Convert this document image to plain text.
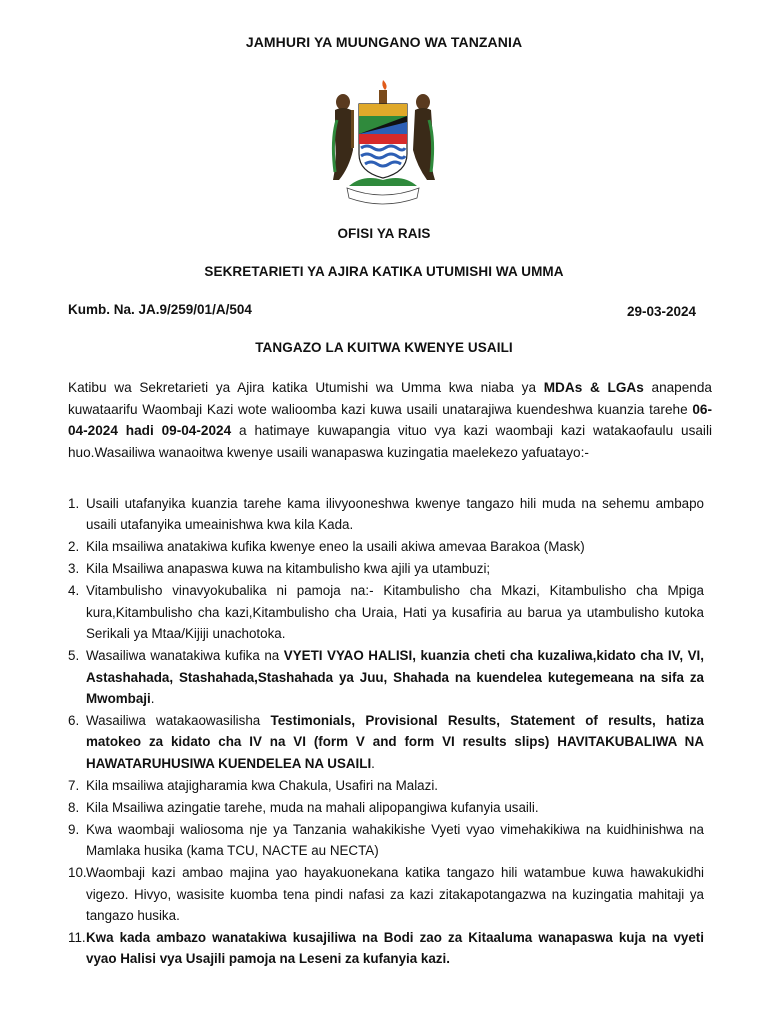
JAMHURI YA MUUNGANO WA TANZANIA
OFISI YA RAIS
SEKRETARIETI YA AJIRA KATIKA UTUMISHI WA UMMA
Kumb. Na. JA.9/259/01/A/504	29-03-2024
TANGAZO LA KUITWA KWENYE USAILI
Katibu wa Sekretarieti ya Ajira katika Utumishi wa Umma kwa niaba ya MDAs & LGAs anapenda kuwataarifu Waombaji Kazi wote walioomba kazi kuwa usaili unatarajiwa kuendeshwa kuanzia tarehe 06-04-2024 hadi 09-04-2024 a hatimaye kuwapangia vituo vya kazi waombaji kazi watakaofaulu usaili huo.Wasailiwa wanaoitwa kwenye usaili wanapaswa kuzingatia maelekezo yafuatayo:-
1. Usaili utafanyika kuanzia tarehe kama ilivyooneshwa kwenye tangazo hili muda na sehemu ambapo usaili utafanyika umeainishwa kwa kila Kada.
2. Kila msailiwa anatakiwa kufika kwenye eneo la usaili akiwa amevaa Barakoa (Mask)
3. Kila Msailiwa anapaswa kuwa na kitambulisho kwa ajili ya utambuzi;
4. Vitambulisho vinavyokubalika ni pamoja na:- Kitambulisho cha Mkazi, Kitambulisho cha Mpiga kura,Kitambulisho cha kazi,Kitambulisho cha Uraia, Hati ya kusafiria au barua ya utambulisho kutoka Serikali ya Mtaa/Kijiji unachotoka.
5. Wasailiwa wanatakiwa kufika na VYETI VYAO HALISI, kuanzia cheti cha kuzaliwa,kidato cha IV, VI, Astashahada, Stashahada,Stashahada ya Juu, Shahada na kuendelea kutegemeana na sifa za Mwombaji.
6. Wasailiwa watakaowasilisha Testimonials, Provisional Results, Statement of results, hatiza matokeo za kidato cha IV na VI (form V and form VI results slips) HAVITAKUBALIWA NA HAWATARUHUSIWA KUENDELEA NA USAILI.
7. Kila msailiwa atajigharamia kwa Chakula, Usafiri na Malazi.
8. Kila Msailiwa azingatie tarehe, muda na mahali alipopangiwa kufanyia usaili.
9. Kwa waombaji waliosoma nje ya Tanzania wahakikishe Vyeti vyao vimehakikiwa na kuidhinishwa na Mamlaka husika (kama TCU, NACTE au NECTA)
10. Waombaji kazi ambao majina yao hayakuonekana katika tangazo hili watambue kuwa hawakukidhi vigezo. Hivyo, wasisite kuomba tena pindi nafasi za kazi zitakapotangazwa na kuzingatia mahitaji ya tangazo husika.
11. Kwa kada ambazo wanatakiwa kusajiliwa na Bodi zao za Kitaaluma wanapaswa kuja na vyeti vyao Halisi vya Usajili pamoja na Leseni za kufanyia kazi.
